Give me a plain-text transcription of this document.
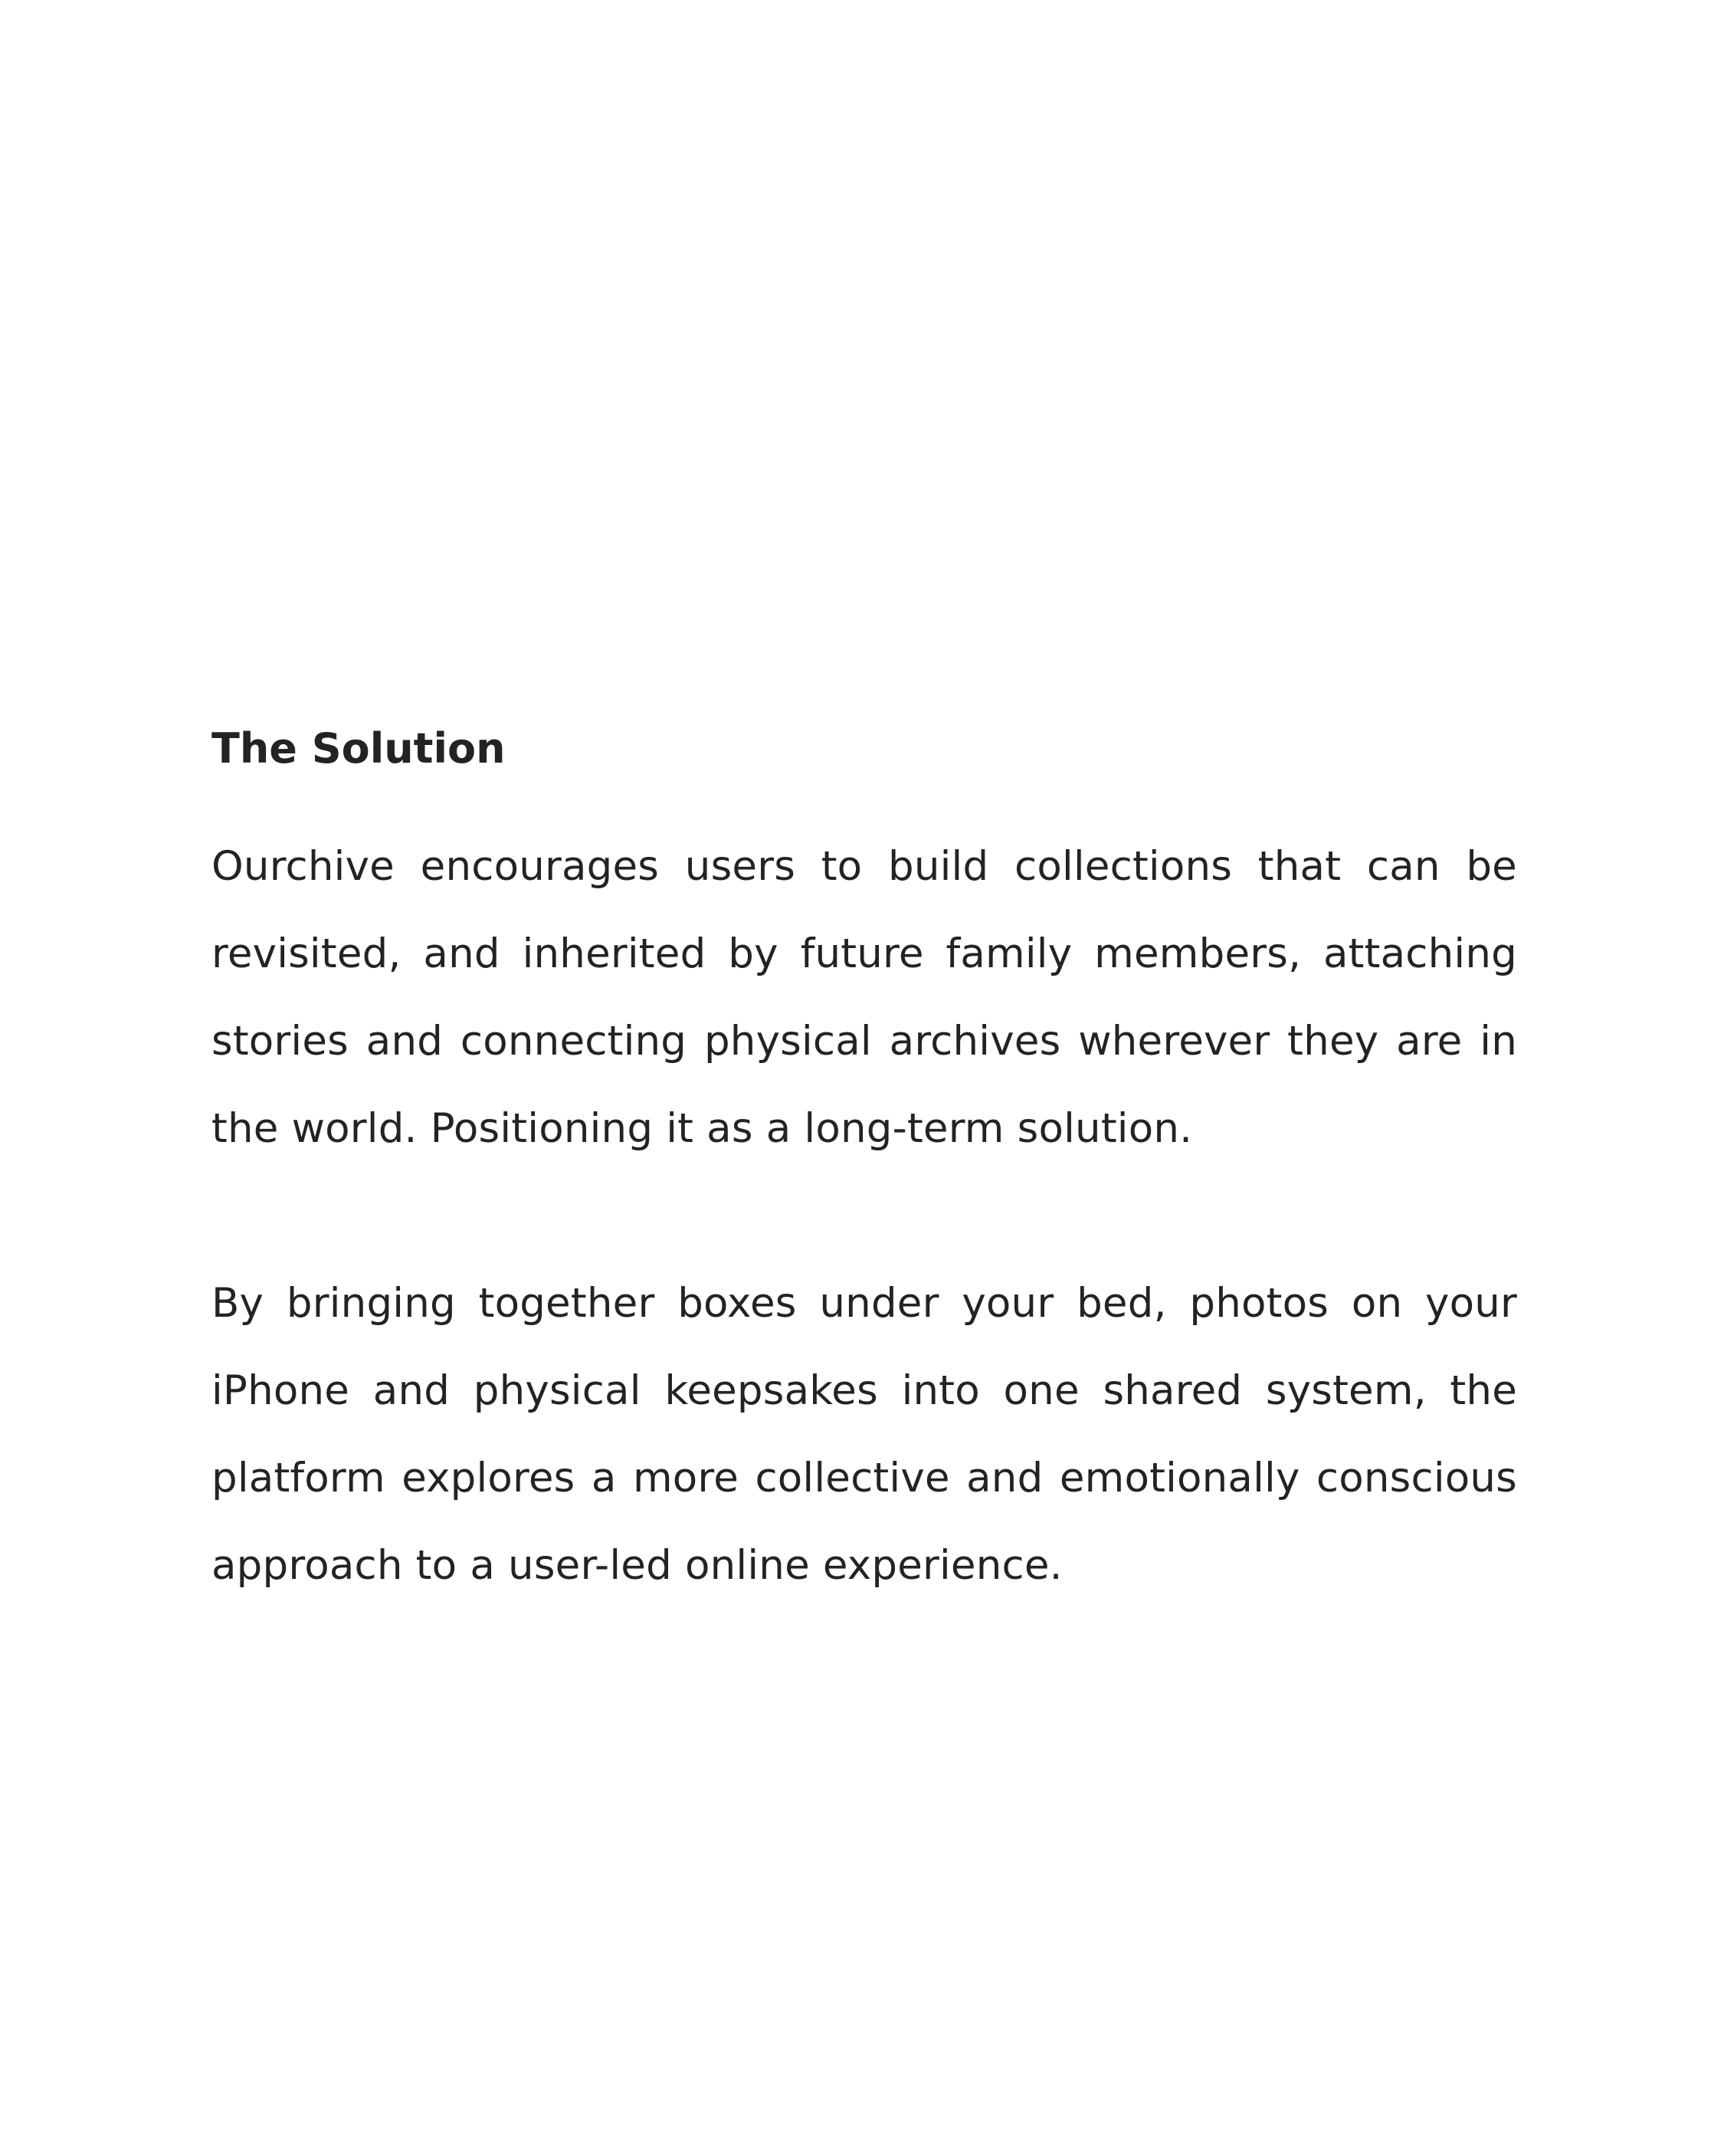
The Solution

Ourchive encourages users to build collections that can be revisited, and inherited by future family members, attaching stories and connecting physical archives wherever they are in the world. Positioning it as a long-term solution.

By bringing together boxes under your bed, photos on your iPhone and physical keepsakes into one shared system, the platform explores a more collective and emotionally conscious approach to a user-led online experience.
